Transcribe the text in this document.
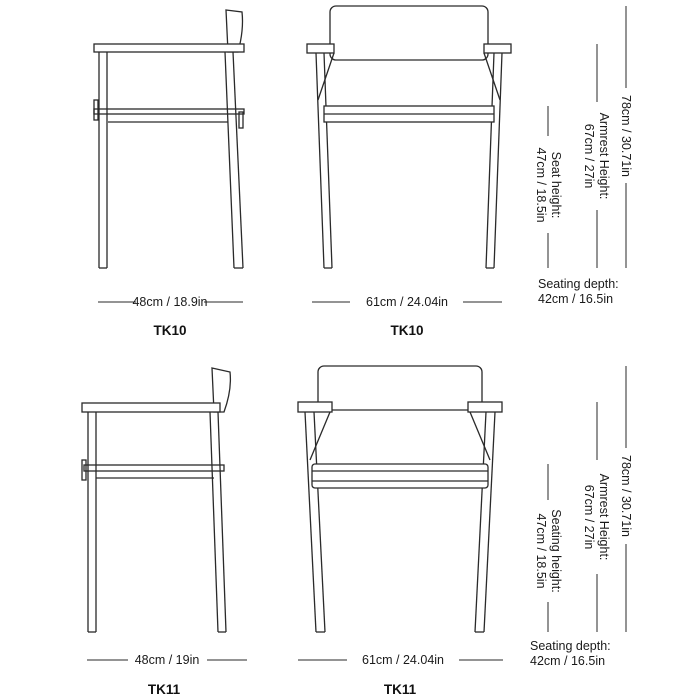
48cm / 18.9in	61cm / 24.04in
TK10	TK10
78cm / 30.71in
Armrest Height:
67cm / 27in
Seat height:
47cm / 18.5in
Seating depth:
42cm / 16.5in
48cm / 19in	61cm / 24.04in
TK11	TK11
78cm / 30.71in
Armrest Height:
67cm / 27in
Seating height:
47cm / 18.5in
Seating depth:
42cm / 16.5in
